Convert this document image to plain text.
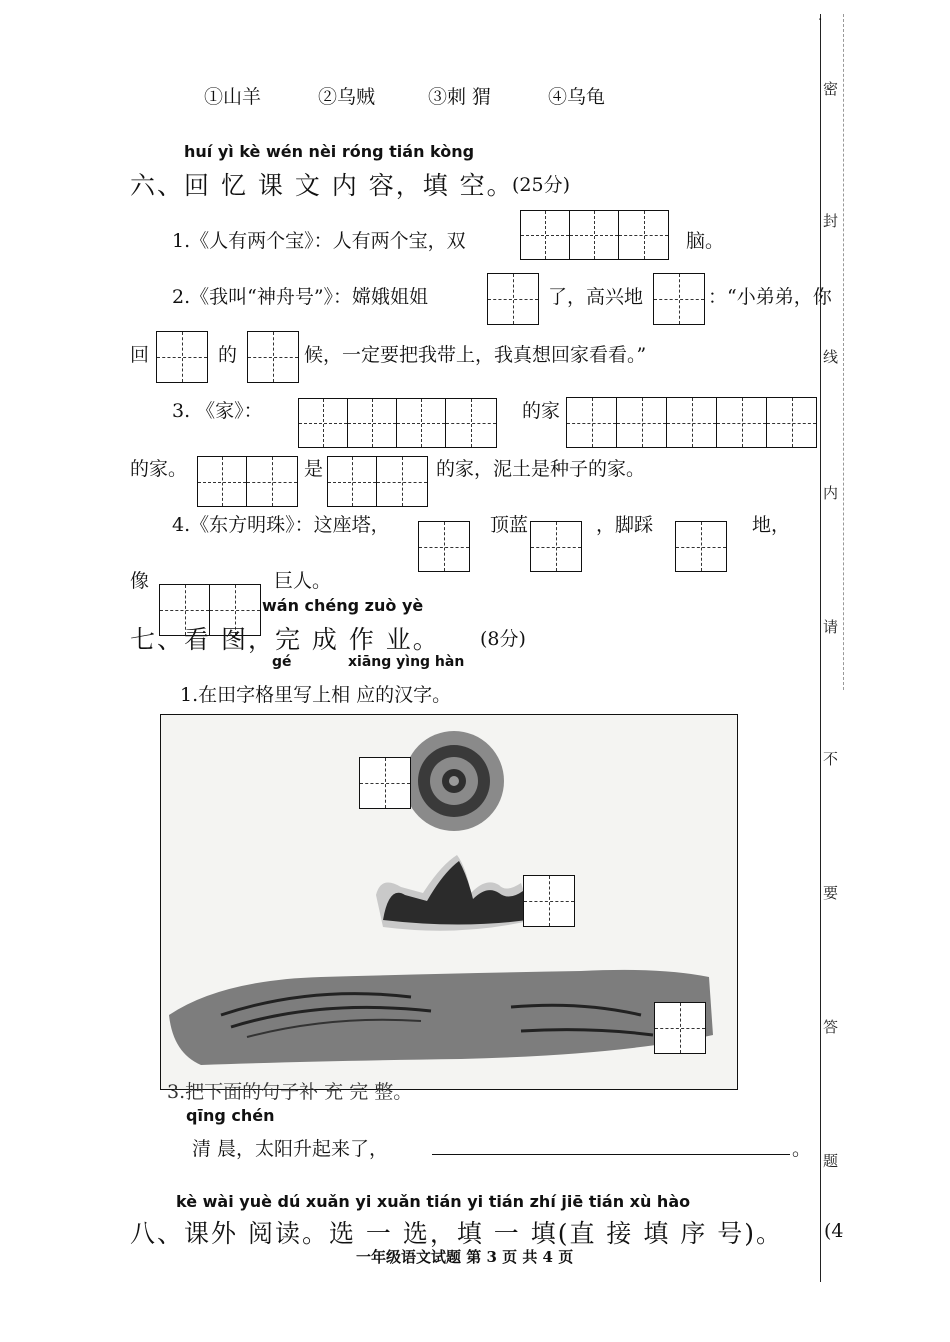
①山羊	②乌贼	③刺 猬	④乌龟
huí yì kè wén nèi róng tián kòng
六、回 忆 课 文 内 容，填 空。
(25分)
1.《人有两个宝》：人有两个宝，双	脑。
2.《我叫“神舟号”》：嫦娥姐姐	了，高兴地	：“小弟弟，你
回	的	候，一定要把我带上，我真想回家看看。”
3. 《家》：	的家
的家。	是	的家，泥土是种子的家。
4.《东方明珠》：这座塔，	顶蓝	，脚踩	地，
像	巨人。
wán chéng zuò yè
七、看 图，完 成 作 业。 (8分)
gé	xiāng yìng hàn
1.在田字格里写上相 应的汉字。
3.把下面的句子补 充 完 整。
qīng chén
清 晨，太阳升起来了，	。
kè wài yuè dú xuǎn yi xuǎn tián yi tián zhí jiē tián xù hào
八、课外 阅读。选 一 选，填 一 填(直 接 填 序 号)。 (4
一年级语文试题 第 3 页 共 4 页
.
密
封
线
内
请
不
要
答
题
